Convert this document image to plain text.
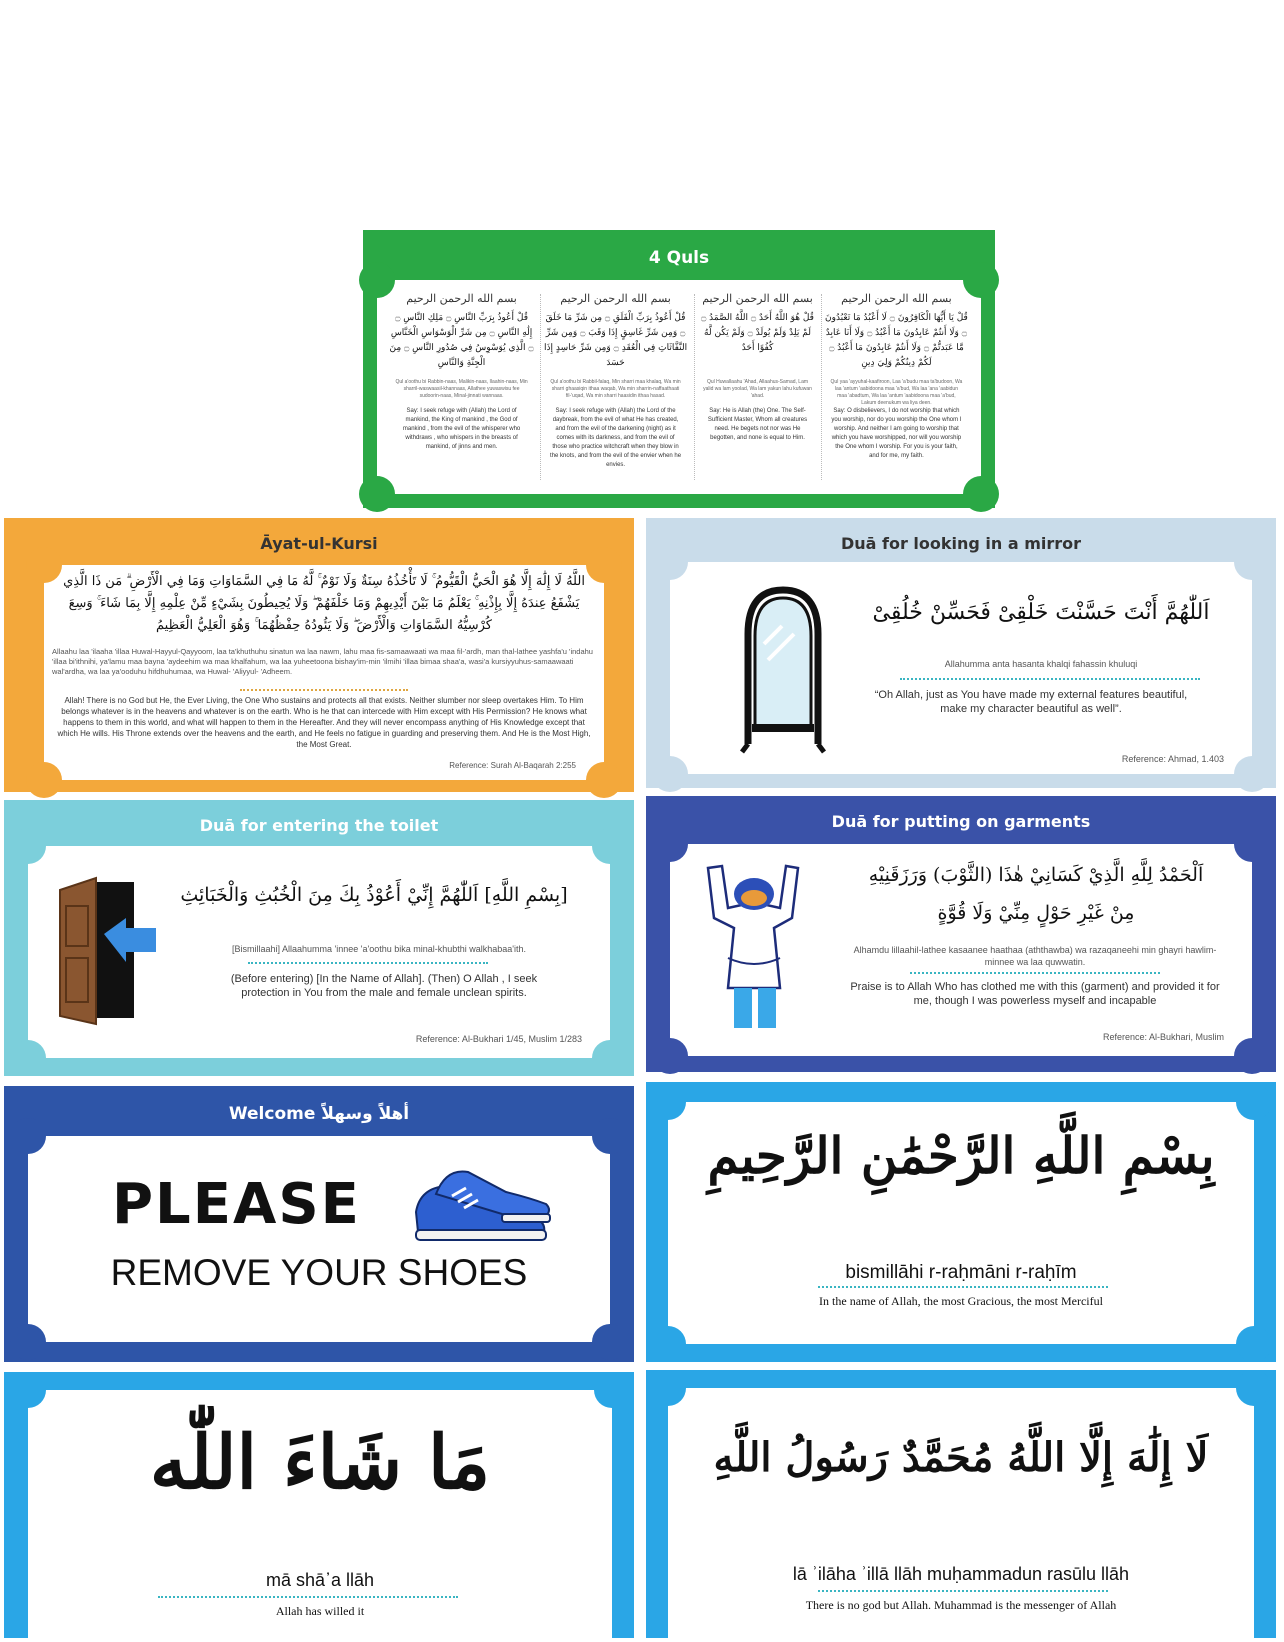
4 Quls
بسم الله الرحمن الرحيم
قُلْ أَعُوذُ بِرَبِّ النَّاسِ ۝ مَلِكِ النَّاسِ ۝ إِلَٰهِ النَّاسِ ۝ مِن شَرِّ الْوَسْوَاسِ الْخَنَّاسِ ۝ الَّذِي يُوَسْوِسُ فِي صُدُورِ النَّاسِ ۝ مِنَ الْجِنَّةِ وَالنَّاسِ
Qul a'oothu bi Rabbin-naas, Malikin-naas, Ilaahin-naas, Min sharril-waswaasil-khannaas, Allathee yuwaswisu fee sudoorin-naas, Minal-jinnati wannaas.
Say: I seek refuge with (Allah) the Lord of mankind, the King of mankind , the God of mankind , from the evil of the whisperer who withdraws , who whispers in the breasts of mankind, of jinns and men.
بسم الله الرحمن الرحيم
قُلْ أَعُوذُ بِرَبِّ الْفَلَقِ ۝ مِن شَرِّ مَا خَلَقَ ۝ وَمِن شَرِّ غَاسِقٍ إِذَا وَقَبَ ۝ وَمِن شَرِّ النَّفَّاثَاتِ فِي الْعُقَدِ ۝ وَمِن شَرِّ حَاسِدٍ إِذَا حَسَدَ
Qul a'oothu bi Rabbil-falaq, Min sharri maa khalaq, Wa min sharri ghaasiqin ithaa waqab, Wa min sharrin-naffaathaati fil-'uqad, Wa min sharri haasidin ithaa hasad.
Say: I seek refuge with (Allah) the Lord of the daybreak, from the evil of what He has created, and from the evil of the darkening (night) as it comes with its darkness, and from the evil of those who practice witchcraft when they blow in the knots, and from the evil of the envier when he envies.
بسم الله الرحمن الرحيم
قُلْ هُوَ اللَّهُ أَحَدٌ ۝ اللَّهُ الصَّمَدُ ۝ لَمْ يَلِدْ وَلَمْ يُولَدْ ۝ وَلَمْ يَكُن لَّهُ كُفُوًا أَحَدٌ
Qul Huwallaahu 'Ahad, Allaahus-Samad, Lam yalid wa lam yoolad, Wa lam yakun lahu kufuwan 'ahad.
Say: He is Allah (the) One. The Self-Sufficient Master, Whom all creatures need. He begets not nor was He begotten, and none is equal to Him.
بسم الله الرحمن الرحيم
قُلْ يَا أَيُّهَا الْكَافِرُونَ ۝ لَا أَعْبُدُ مَا تَعْبُدُونَ ۝ وَلَا أَنتُمْ عَابِدُونَ مَا أَعْبُدُ ۝ وَلَا أَنَا عَابِدٌ مَّا عَبَدتُّمْ ۝ وَلَا أَنتُمْ عَابِدُونَ مَا أَعْبُدُ ۝ لَكُمْ دِينُكُمْ وَلِيَ دِينِ
Qul yaa 'ayyuhal-kaafiroon, Laa 'a'budu maa ta'budoon, Wa laa 'antum 'aabidoona maa 'a'bud, Wa laa 'ana 'aabidun maa 'abadtum, Wa laa 'antum 'aabidoona maa 'a'bud, Lakum deenukum wa liya deen.
Say: O disbelievers, I do not worship that which you worship, nor do you worship the One whom I worship. And neither I am going to worship that which you have worshipped, nor will you worship the One whom I worship. For you is your faith, and for me, my faith.
Āyat-ul-Kursi
اللَّهُ لَا إِلَٰهَ إِلَّا هُوَ الْحَيُّ الْقَيُّومُ ۚ لَا تَأْخُذُهُ سِنَةٌ وَلَا نَوْمٌ ۚ لَّهُ مَا فِي السَّمَاوَاتِ وَمَا فِي الْأَرْضِ ۗ مَن ذَا الَّذِي يَشْفَعُ عِندَهُ إِلَّا بِإِذْنِهِ ۚ يَعْلَمُ مَا بَيْنَ أَيْدِيهِمْ وَمَا خَلْفَهُمْ ۖ وَلَا يُحِيطُونَ بِشَيْءٍ مِّنْ عِلْمِهِ إِلَّا بِمَا شَاءَ ۚ وَسِعَ كُرْسِيُّهُ السَّمَاوَاتِ وَالْأَرْضَ ۖ وَلَا يَئُودُهُ حِفْظُهُمَا ۚ وَهُوَ الْعَلِيُّ الْعَظِيمُ
Allaahu laa 'ilaaha 'illaa Huwal-Hayyul-Qayyoom, laa ta'khuthuhu sinatun wa laa nawm, lahu maa fis-samaawaati wa maa fil-'ardh, man thal-lathee yashfa'u 'indahu 'illaa bi'ithnihi, ya'lamu maa bayna 'aydeehim wa maa khalfahum, wa laa yuheetoona bishay'im-min 'ilmihi 'illaa bimaa shaa'a, wasi'a kursiyyuhus-samaawaati wal'ardha, wa laa ya'ooduhu hifdhuhumaa, wa Huwal- 'Aliyyul- 'Adheem.
Allah! There is no God but He, the Ever Living, the One Who sustains and protects all that exists. Neither slumber nor sleep overtakes Him. To Him belongs whatever is in the heavens and whatever is on the earth. Who is he that can intercede with Him except with His Permission? He knows what happens to them in this world, and what will happen to them in the Hereafter. And they will never encompass anything of His Knowledge except that which He wills. His Throne extends over the heavens and the earth, and He feels no fatigue in guarding and preserving them. And He is the Most High, the Most Great.
Reference: Surah Al-Baqarah 2:255
Duā for looking in a mirror
اَللّٰهُمَّ أَنْتَ حَسَّنْتَ خَلْقِىْ فَحَسِّنْ خُلُقِىْ
Allahumma anta hasanta khalqi fahassin khuluqi
“Oh Allah, just as You have made my external features beautiful, make my character beautiful as well”.
Reference: Ahmad, 1.403
Duā for entering the toilet
[بِسْمِ اللَّهِ] اَللّٰهُمَّ إِنِّيْ أَعُوْذُ بِكَ مِنَ الْخُبُثِ وَالْخَبَائِثِ
[Bismillaahi] Allaahumma 'innee 'a'oothu bika minal-khubthi walkhabaa'ith.
(Before entering) [In the Name of Allah]. (Then) O Allah , I seek protection in You from the male and female unclean spirits.
Reference: Al-Bukhari 1/45, Muslim 1/283
Duā for putting on garments
اَلْحَمْدُ لِلَّهِ الَّذِيْ كَسَانِيْ هٰذَا (الثَّوْبَ) وَرَزَقَنِيْهِ
مِنْ غَيْرِ حَوْلٍ مِنِّيْ وَلَا قُوَّةٍ
Alhamdu lillaahil-lathee kasaanee haathaa (aththawba) wa razaqaneehi min ghayri hawlim-minnee wa laa quwwatin.
Praise is to Allah Who has clothed me with this (garment) and provided it for me, though I was powerless myself and incapable
Reference: Al-Bukhari, Muslim
Welcome أهلاً وسهلاً
PLEASE
REMOVE YOUR SHOES
بِسْمِ اللَّهِ الرَّحْمَٰنِ الرَّحِيمِ
bismillāhi r-raḥmāni r-raḥīm
In the name of Allah, the most Gracious, the most Merciful
مَا شَاءَ اللّٰه
mā shā᾽a llāh
Allah has willed it
لَا إِلَٰهَ إِلَّا اللَّهُ مُحَمَّدٌ رَسُولُ اللَّهِ
lā ʾilāha ʾillā llāh muḥammadun rasūlu llāh
There is no god but Allah. Muhammad is the messenger of Allah
